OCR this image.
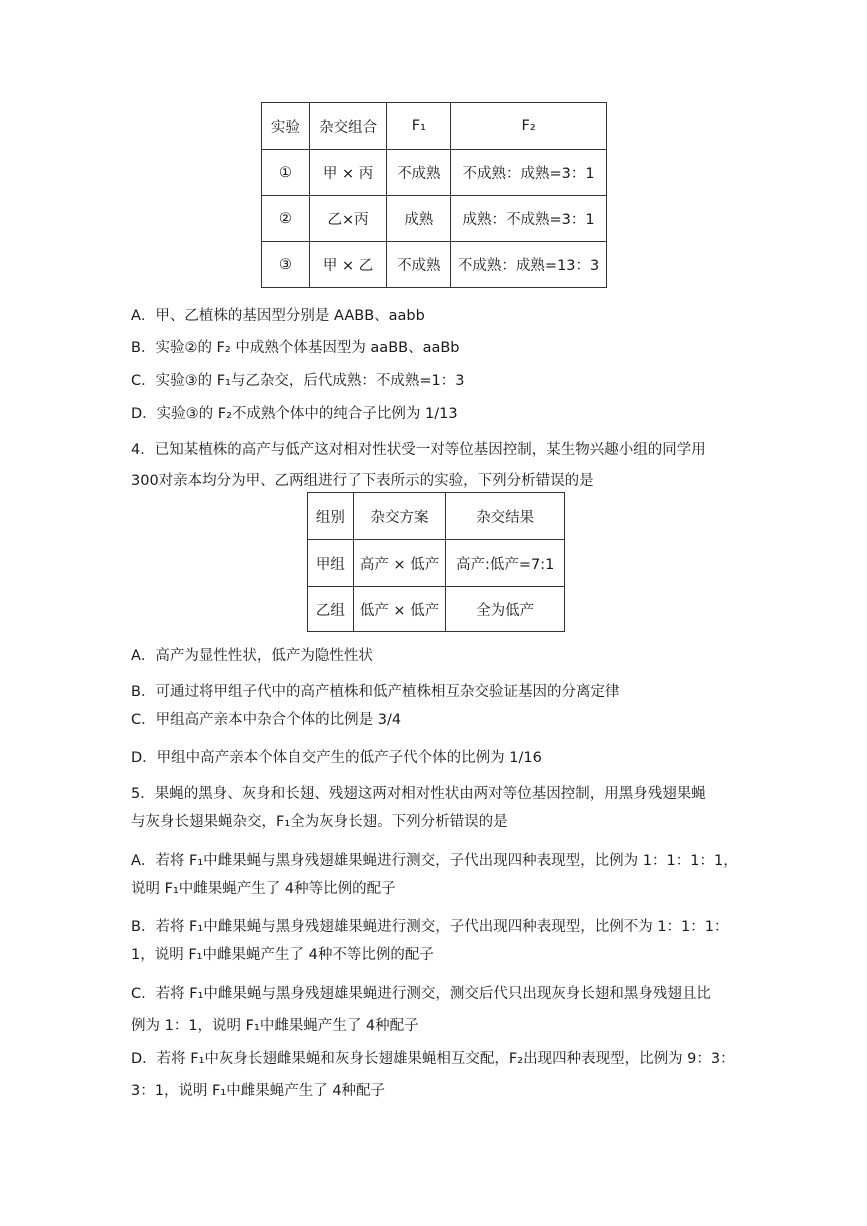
实验	杂交组合	F₁	F₂
①	甲 × 丙	不成熟	不成熟：成熟=3：1
②	乙×丙	成熟	成熟：不成熟=3：1
③	甲 × 乙	不成熟	不成熟：成熟=13：3
A．甲、乙植株的基因型分别是 AABB、aabb
B．实验②的 F₂ 中成熟个体基因型为 aaBB、aaBb
C．实验③的 F₁与乙杂交，后代成熟：不成熟=1：3
D．实验③的 F₂不成熟个体中的纯合子比例为 1/13
4．已知某植株的高产与低产这对相对性状受一对等位基因控制，某生物兴趣小组的同学用
300对亲本均分为甲、乙两组进行了下表所示的实验，下列分析错误的是
组别	杂交方案	杂交结果
甲组	高产 × 低产	高产:低产=7:1
乙组	低产 × 低产	全为低产
A．高产为显性性状，低产为隐性性状
B．可通过将甲组子代中的高产植株和低产植株相互杂交验证基因的分离定律
C．甲组高产亲本中杂合个体的比例是 3/4
D．甲组中高产亲本个体自交产生的低产子代个体的比例为 1/16
5．果蝇的黑身、灰身和长翅、残翅这两对相对性状由两对等位基因控制，用黑身残翅果蝇
与灰身长翅果蝇杂交，F₁全为灰身长翅。下列分析错误的是
A．若将 F₁中雌果蝇与黑身残翅雄果蝇进行测交，子代出现四种表现型，比例为 1：1：1：1，
说明 F₁中雌果蝇产生了 4种等比例的配子
B．若将 F₁中雌果蝇与黑身残翅雄果蝇进行测交，子代出现四种表现型，比例不为 1：1：1：
1，说明 F₁中雌果蝇产生了 4种不等比例的配子
C．若将 F₁中雌果蝇与黑身残翅雄果蝇进行测交，测交后代只出现灰身长翅和黑身残翅且比
例为 1：1，说明 F₁中雌果蝇产生了 4种配子
D．若将 F₁中灰身长翅雌果蝇和灰身长翅雄果蝇相互交配，F₂出现四种表现型，比例为 9：3：
3：1，说明 F₁中雌果蝇产生了 4种配子
